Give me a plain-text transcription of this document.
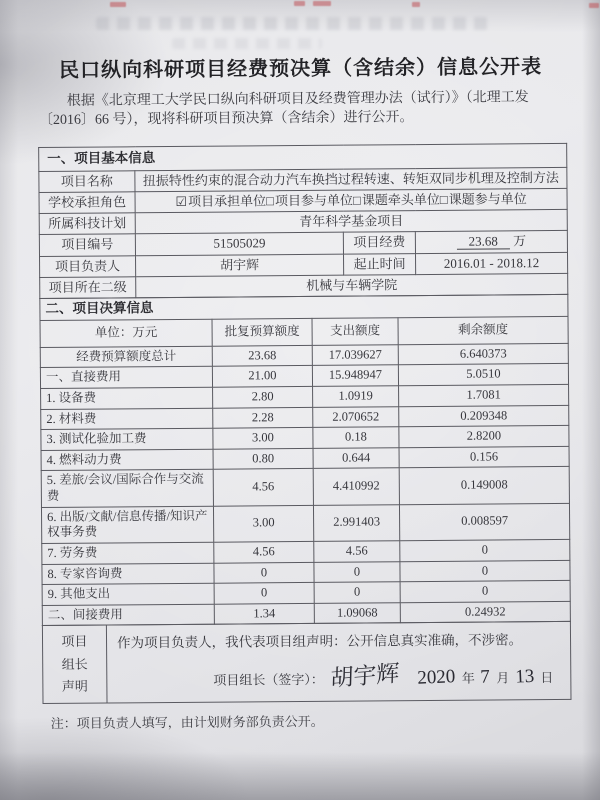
民口纵向科研项目经费预决算（含结余）信息公开表
根据《北京理工大学民口纵向科研项目及经费管理办法（试行）》（北理工发
〔2016〕66 号），现将科研项目预决算（含结余）进行公开。
一、项目基本信息			
项目名称	扭振特性约束的混合动力汽车换挡过程转速、转矩双同步机理及控制方法		
学校承担角色	☑项目承担单位□项目参与单位□课题牵头单位□课题参与单位		
所属科技计划	青年科学基金项目		
项目编号	51505029	项目经费	23.68 万
项目负责人	胡宇辉	起止时间	2016.01 - 2018.12
项目所在二级	机械与车辆学院		
二、项目决算信息			
单位：万元	批复预算额度	支出额度	剩余额度
经费预算额度总计	23.68	17.039627	6.640373
一、直接费用	21.00	15.948947	5.0510
1. 设备费	2.80	1.0919	1.7081
2. 材料费	2.28	2.070652	0.209348
3. 测试化验加工费	3.00	0.18	2.8200
4. 燃料动力费	0.80	0.644	0.156
5. 差旅/会议/国际合作与交流费	4.56	4.410992	0.149008
6. 出版/文献/信息传播/知识产权事务费	3.00	2.991403	0.008597
7. 劳务费	4.56	4.56	0
8. 专家咨询费	0	0	0
9. 其他支出	0	0	0
二、间接费用	1.34	1.09068	0.24932
项目
组长
声明

作为项目负责人，我代表项目组声明：公开信息真实准确，不涉密。
项目组长（签字）： 胡宇辉 2020 年 7 月 13 日
注：项目负责人填写，由计划财务部负责公开。
